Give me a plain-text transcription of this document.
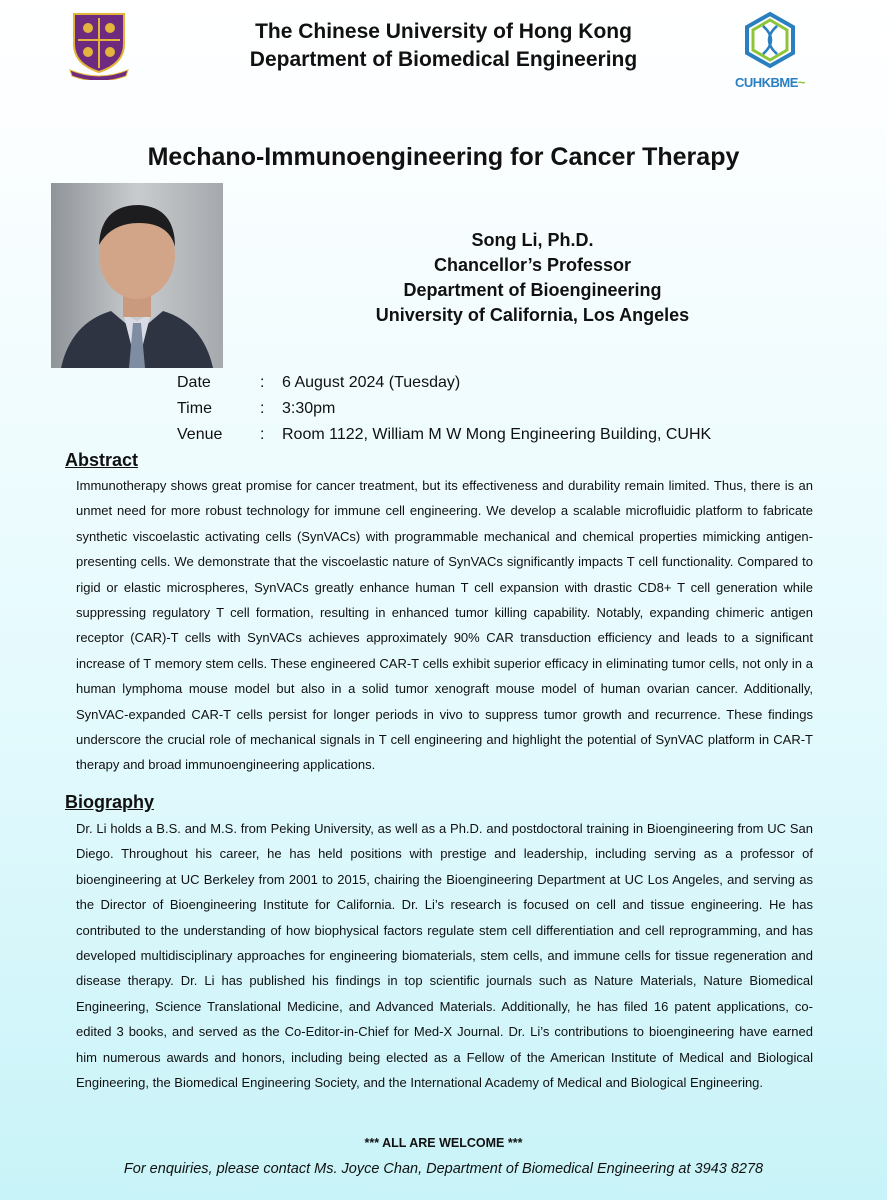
The Chinese University of Hong Kong
Department of Biomedical Engineering
CUHKBME~
Mechano-Immunoengineering for Cancer Therapy
Song Li, Ph.D.
Chancellor’s Professor
Department of Bioengineering
University of California, Los Angeles
Date	:	6 August 2024 (Tuesday)
Time	:	3:30pm
Venue	:	Room 1122, William M W Mong Engineering Building, CUHK
Abstract

Immunotherapy shows great promise for cancer treatment, but its effectiveness and durability remain limited. Thus, there is an unmet need for more robust technology for immune cell engineering. We develop a scalable microfluidic platform to fabricate synthetic viscoelastic activating cells (SynVACs) with programmable mechanical and chemical properties mimicking antigen-presenting cells. We demonstrate that the viscoelastic nature of SynVACs significantly impacts T cell functionality. Compared to rigid or elastic microspheres, SynVACs greatly enhance human T cell expansion with drastic CD8+ T cell generation while suppressing regulatory T cell formation, resulting in enhanced tumor killing capability. Notably, expanding chimeric antigen receptor (CAR)-T cells with SynVACs achieves approximately 90% CAR transduction efficiency and leads to a significant increase of T memory stem cells. These engineered CAR-T cells exhibit superior efficacy in eliminating tumor cells, not only in a human lymphoma mouse model but also in a solid tumor xenograft mouse model of human ovarian cancer. Additionally, SynVAC-expanded CAR-T cells persist for longer periods in vivo to suppress tumor growth and recurrence. These findings underscore the crucial role of mechanical signals in T cell engineering and highlight the potential of SynVAC platform in CAR-T therapy and broad immunoengineering applications.

Biography

Dr. Li holds a B.S. and M.S. from Peking University, as well as a Ph.D. and postdoctoral training in Bioengineering from UC San Diego. Throughout his career, he has held positions with prestige and leadership, including serving as a professor of bioengineering at UC Berkeley from 2001 to 2015, chairing the Bioengineering Department at UC Los Angeles, and serving as the Director of Bioengineering Institute for California. Dr. Li’s research is focused on cell and tissue engineering. He has contributed to the understanding of how biophysical factors regulate stem cell differentiation and cell reprogramming, and has developed multidisciplinary approaches for engineering biomaterials, stem cells, and immune cells for tissue regeneration and disease therapy. Dr. Li has published his findings in top scientific journals such as Nature Materials, Nature Biomedical Engineering, Science Translational Medicine, and Advanced Materials. Additionally, he has filed 16 patent applications, co-edited 3 books, and served as the Co-Editor-in-Chief for Med-X Journal. Dr. Li’s contributions to bioengineering have earned him numerous awards and honors, including being elected as a Fellow of the American Institute of Medical and Biological Engineering, the Biomedical Engineering Society, and the International Academy of Medical and Biological Engineering.

*** ALL ARE WELCOME ***
For enquiries, please contact Ms. Joyce Chan, Department of Biomedical Engineering at 3943 8278
